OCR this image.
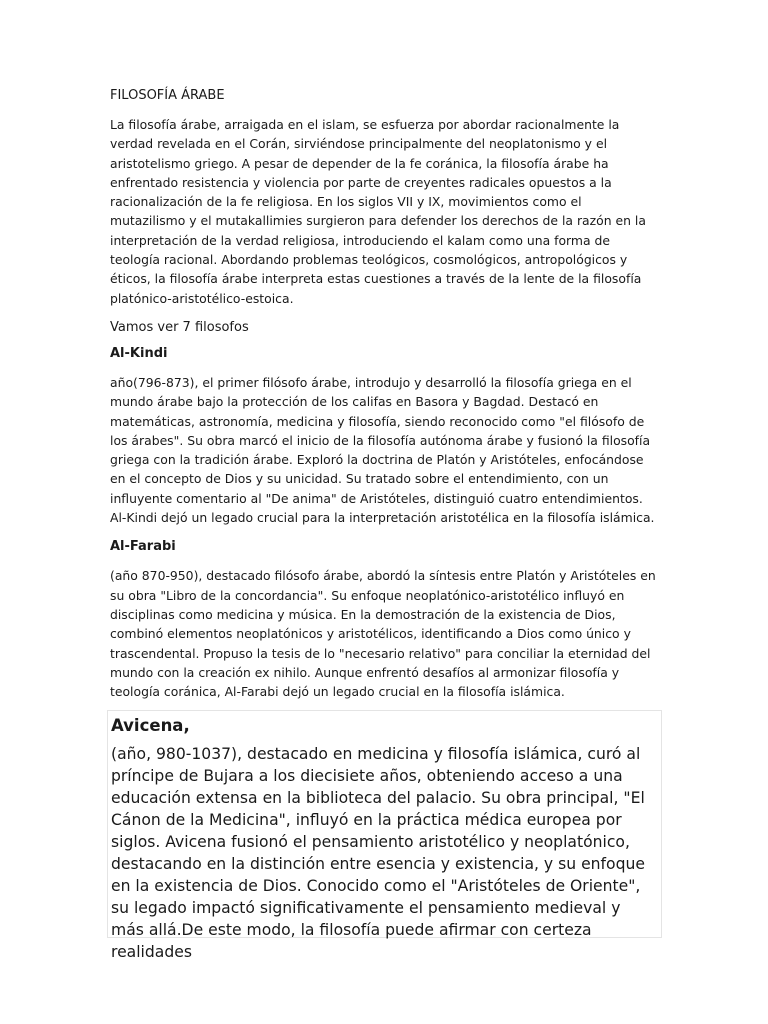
FILOSOFÍA ÁRABE

La filosofía árabe, arraigada en el islam, se esfuerza por abordar racionalmente la verdad revelada en el Corán, sirviéndose principalmente del neoplatonismo y el aristotelismo griego. A pesar de depender de la fe coránica, la filosofía árabe ha enfrentado resistencia y violencia por parte de creyentes radicales opuestos a la racionalización de la fe religiosa. En los siglos VII y IX, movimientos como el mutazilismo y el mutakallimies surgieron para defender los derechos de la razón en la interpretación de la verdad religiosa, introduciendo el kalam como una forma de teología racional. Abordando problemas teológicos, cosmológicos, antropológicos y éticos, la filosofía árabe interpreta estas cuestiones a través de la lente de la filosofía platónico-aristotélico-estoica.

Vamos ver 7 filosofos

Al-Kindi

año(796-873), el primer filósofo árabe, introdujo y desarrolló la filosofía griega en el mundo árabe bajo la protección de los califas en Basora y Bagdad. Destacó en matemáticas, astronomía, medicina y filosofía, siendo reconocido como "el filósofo de los árabes". Su obra marcó el inicio de la filosofía autónoma árabe y fusionó la filosofía griega con la tradición árabe. Exploró la doctrina de Platón y Aristóteles, enfocándose en el concepto de Dios y su unicidad. Su tratado sobre el entendimiento, con un influyente comentario al "De anima" de Aristóteles, distinguió cuatro entendimientos. Al-Kindi dejó un legado crucial para la interpretación aristotélica en la filosofía islámica.

Al-Farabi

(año 870-950), destacado filósofo árabe, abordó la síntesis entre Platón y Aristóteles en su obra "Libro de la concordancia". Su enfoque neoplatónico-aristotélico influyó en disciplinas como medicina y música. En la demostración de la existencia de Dios, combinó elementos neoplatónicos y aristotélicos, identificando a Dios como único y trascendental. Propuso la tesis de lo "necesario relativo" para conciliar la eternidad del mundo con la creación ex nihilo. Aunque enfrentó desafíos al armonizar filosofía y teología coránica, Al-Farabi dejó un legado crucial en la filosofía islámica.

Avicena,

(año, 980-1037), destacado en medicina y filosofía islámica, curó al príncipe de Bujara a los diecisiete años, obteniendo acceso a una educación extensa en la biblioteca del palacio. Su obra principal, "El Cánon de la Medicina", influyó en la práctica médica europea por siglos. Avicena fusionó el pensamiento aristotélico y neoplatónico, destacando en la distinción entre esencia y existencia, y su enfoque en la existencia de Dios. Conocido como el "Aristóteles de Oriente", su legado impactó significativamente el pensamiento medieval y más allá.De este modo, la filosofía puede afirmar con certeza realidades
